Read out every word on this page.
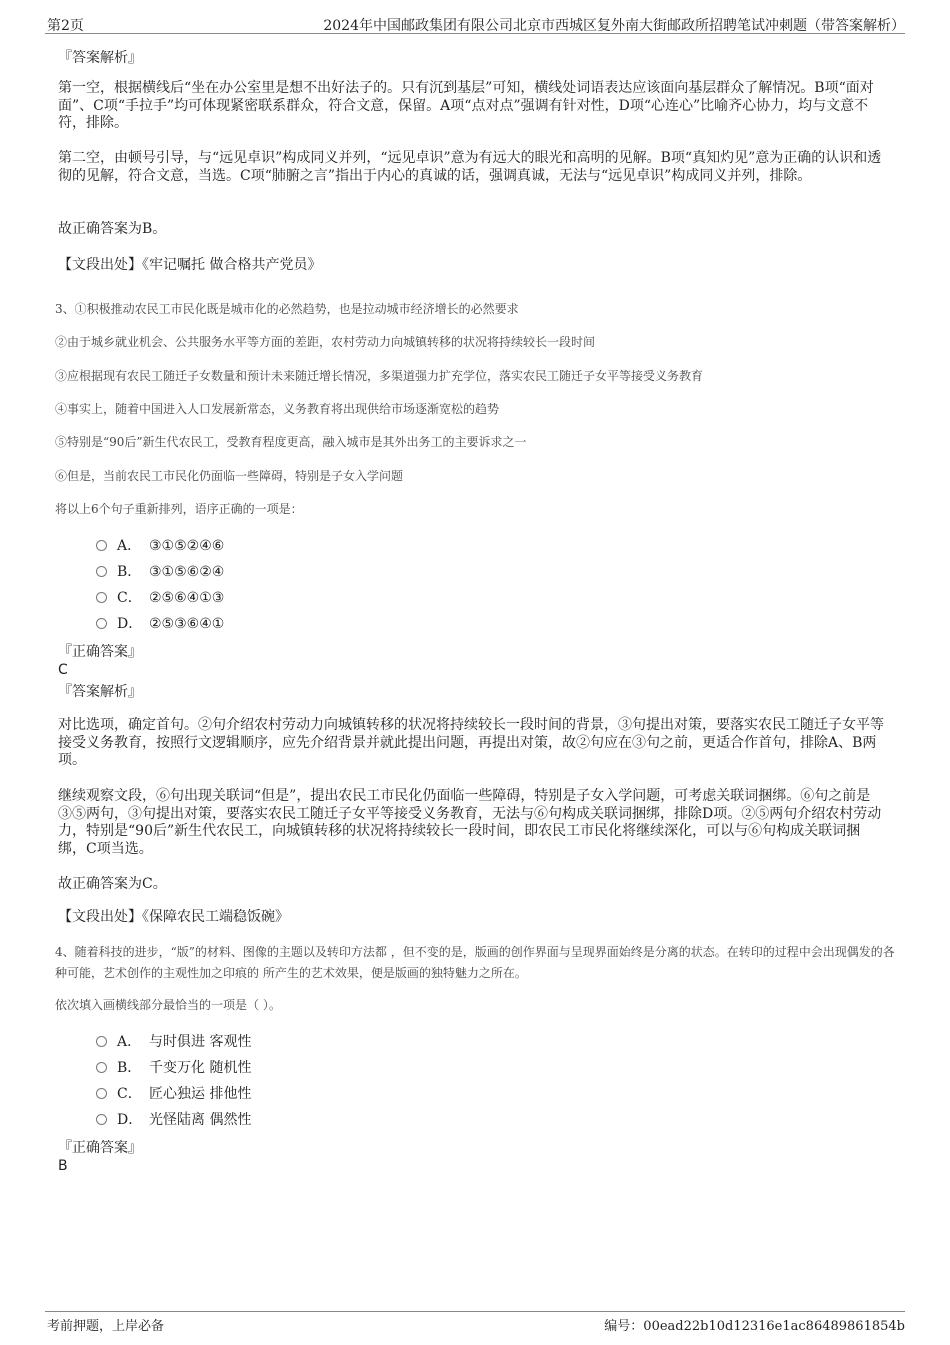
第2页	2024年中国邮政集团有限公司北京市西城区复外南大街邮政所招聘笔试冲刺题（带答案解析）
『答案解析』

第一空，根据横线后“坐在办公室里是想不出好法子的。只有沉到基层”可知，横线处词语表达应该面向基层群众了解情况。B项“面对面”、C项“手拉手”均可体现紧密联系群众，符合文意，保留。A项“点对点”强调有针对性，D项“心连心”比喻齐心协力，均与文意不符，排除。

第二空，由顿号引导，与“远见卓识”构成同义并列，“远见卓识”意为有远大的眼光和高明的见解。B项“真知灼见”意为正确的认识和透彻的见解，符合文意，当选。C项“肺腑之言”指出于内心的真诚的话，强调真诚，无法与“远见卓识”构成同义并列，排除。

故正确答案为B。
【文段出处】《牢记嘱托 做合格共产党员》

3、①积极推动农民工市民化既是城市化的必然趋势，也是拉动城市经济增长的必然要求

②由于城乡就业机会、公共服务水平等方面的差距，农村劳动力向城镇转移的状况将持续较长一段时间

③应根据现有农民工随迁子女数量和预计未来随迁增长情况，多渠道强力扩充学位，落实农民工随迁子女平等接受义务教育

④事实上，随着中国进入人口发展新常态，义务教育将出现供给市场逐渐宽松的趋势

⑤特别是“90后”新生代农民工，受教育程度更高，融入城市是其外出务工的主要诉求之一

⑥但是，当前农民工市民化仍面临一些障碍，特别是子女入学问题

将以上6个句子重新排列，语序正确的一项是：

A． ③①⑤②④⑥
B． ③①⑤⑥②④
C． ②⑤⑥④①③
D． ②⑤③⑥④①
『正确答案』
C
『答案解析』

对比选项，确定首句。②句介绍农村劳动力向城镇转移的状况将持续较长一段时间的背景，③句提出对策，要落实农民工随迁子女平等接受义务教育，按照行文逻辑顺序，应先介绍背景并就此提出问题，再提出对策，故②句应在③句之前，更适合作首句，排除A、B两项。

继续观察文段，⑥句出现关联词“但是”，提出农民工市民化仍面临一些障碍，特别是子女入学问题，可考虑关联词捆绑。⑥句之前是③⑤两句，③句提出对策，要落实农民工随迁子女平等接受义务教育，无法与⑥句构成关联词捆绑，排除D项。②⑤两句介绍农村劳动力，特别是“90后”新生代农民工，向城镇转移的状况将持续较长一段时间，即农民工市民化将继续深化，可以与⑥句构成关联词捆绑，C项当选。

故正确答案为C。
【文段出处】《保障农民工端稳饭碗》

4、随着科技的进步，“版”的材料、图像的主题以及转印方法都 ，但不变的是，版画的创作界面与呈现界面始终是分离的状态。在转印的过程中会出现偶发的各种可能，艺术创作的主观性加之印痕的 所产生的艺术效果，便是版画的独特魅力之所在。

依次填入画横线部分最恰当的一项是（ ）。

A． 与时俱进 客观性
B． 千变万化 随机性
C． 匠心独运 排他性
D． 光怪陆离 偶然性
『正确答案』
B
考前押题，上岸必备	编号：00ead22b10d12316e1ac86489861854b
